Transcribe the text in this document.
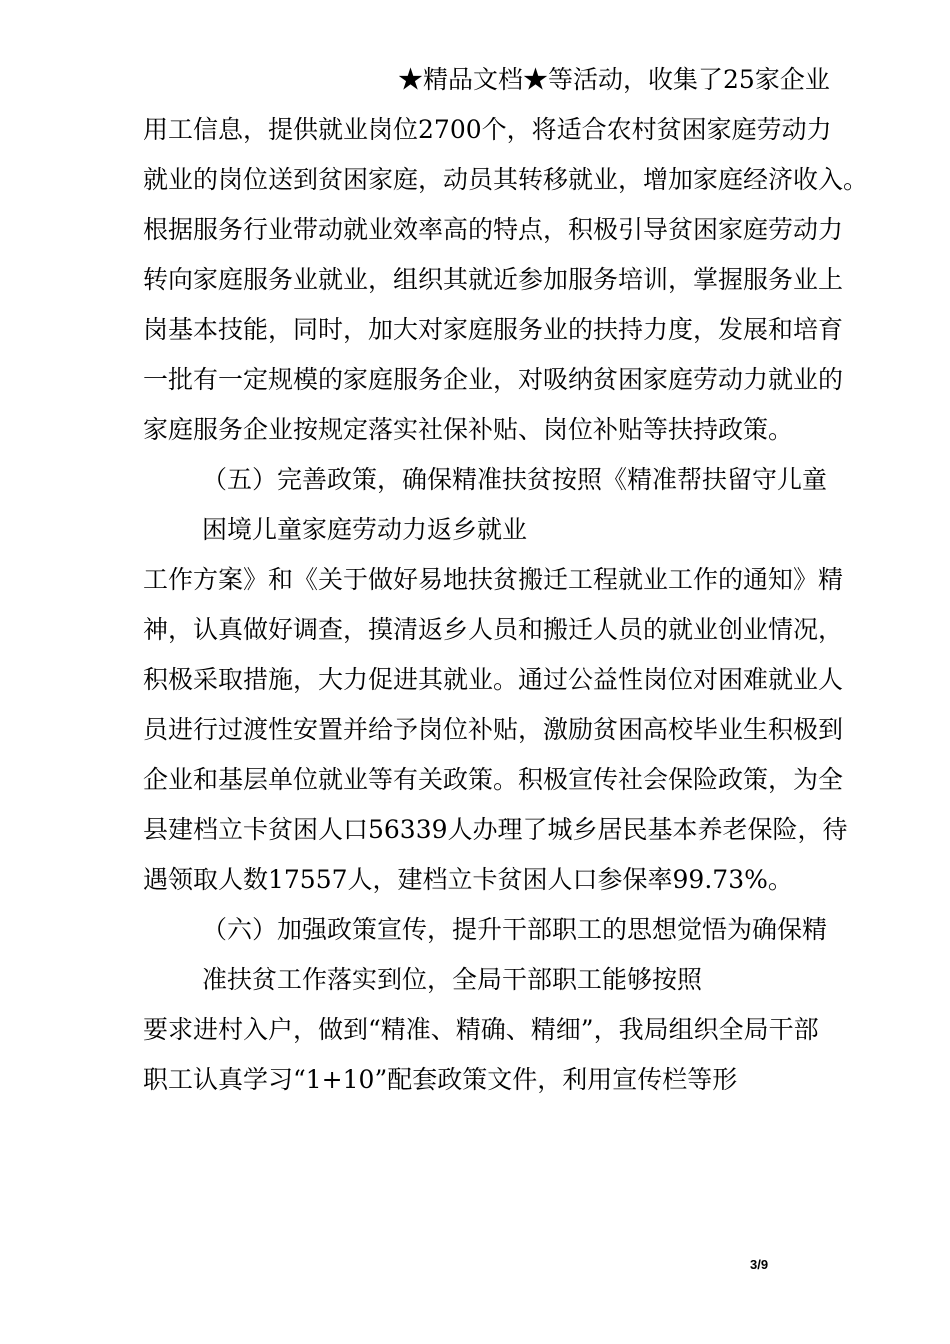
★精品文档★等活动，收集了25家企业
用工信息，提供就业岗位2700个，将适合农村贫困家庭劳动力
就业的岗位送到贫困家庭，动员其转移就业，增加家庭经济收入。
根据服务行业带动就业效率高的特点，积极引导贫困家庭劳动力
转向家庭服务业就业，组织其就近参加服务培训，掌握服务业上
岗基本技能，同时，加大对家庭服务业的扶持力度，发展和培育
一批有一定规模的家庭服务企业，对吸纳贫困家庭劳动力就业的
家庭服务企业按规定落实社保补贴、岗位补贴等扶持政策。
（五）完善政策，确保精准扶贫按照《精准帮扶留守儿童
困境儿童家庭劳动力返乡就业
工作方案》和《关于做好易地扶贫搬迁工程就业工作的通知》精
神，认真做好调查，摸清返乡人员和搬迁人员的就业创业情况，
积极采取措施，大力促进其就业。通过公益性岗位对困难就业人
员进行过渡性安置并给予岗位补贴，激励贫困高校毕业生积极到
企业和基层单位就业等有关政策。积极宣传社会保险政策，为全
县建档立卡贫困人口56339人办理了城乡居民基本养老保险，待
遇领取人数17557人，建档立卡贫困人口参保率99.73%。
（六）加强政策宣传，提升干部职工的思想觉悟为确保精
准扶贫工作落实到位，全局干部职工能够按照
要求进村入户，做到“精准、精确、精细”，我局组织全局干部
职工认真学习“1+10”配套政策文件，利用宣传栏等形
3/9
